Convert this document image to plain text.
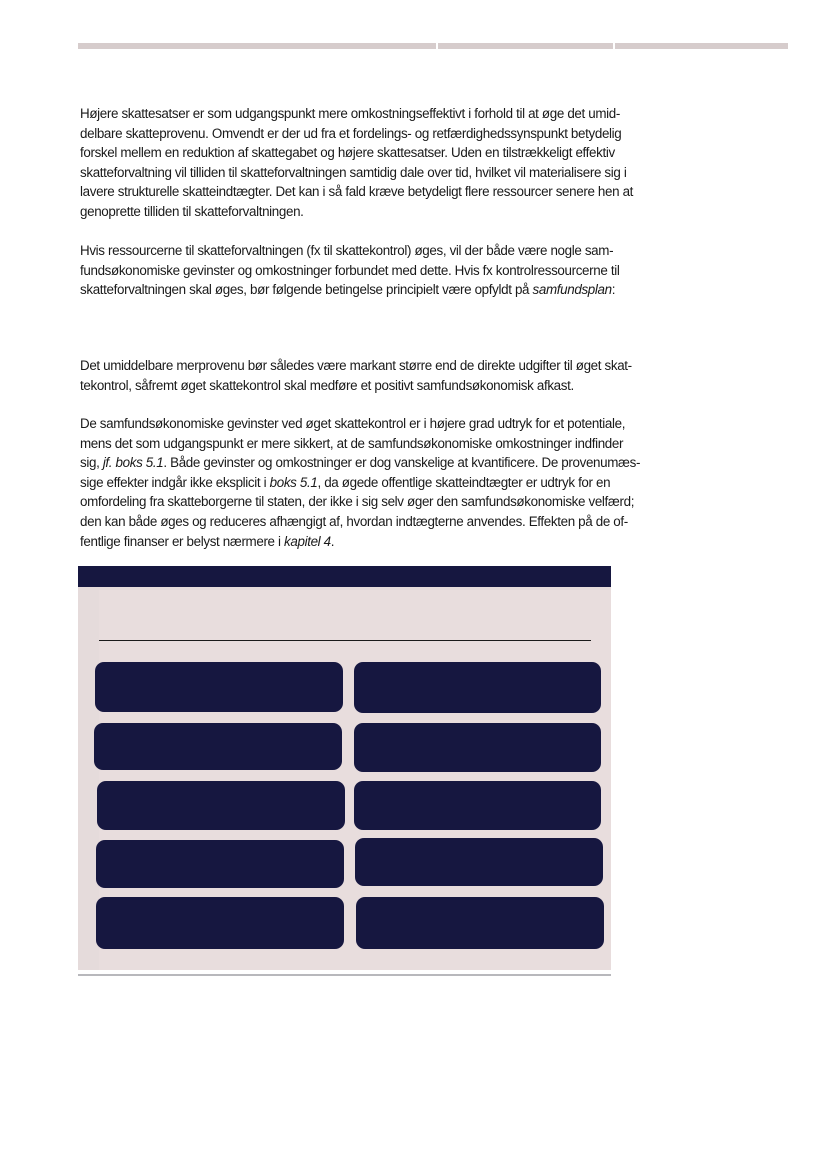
Højere skattesatser er som udgangspunkt mere omkostningseffektivt i forhold til at øge det umid-
delbare skatteprovenu. Omvendt er der ud fra et fordelings- og retfærdighedssynspunkt betydelig
forskel mellem en reduktion af skattegabet og højere skattesatser. Uden en tilstrækkeligt effektiv
skatteforvaltning vil tilliden til skatteforvaltningen samtidig dale over tid, hvilket vil materialisere sig i
lavere strukturelle skatteindtægter. Det kan i så fald kræve betydeligt flere ressourcer senere hen at
genoprette tilliden til skatteforvaltningen.

Hvis ressourcerne til skatteforvaltningen (fx til skattekontrol) øges, vil der både være nogle sam-
fundsøkonomiske gevinster og omkostninger forbundet med dette. Hvis fx kontrolressourcerne til
skatteforvaltningen skal øges, bør følgende betingelse principielt være opfyldt på samfundsplan:

Det umiddelbare merprovenu bør således være markant større end de direkte udgifter til øget skat-
tekontrol, såfremt øget skattekontrol skal medføre et positivt samfundsøkonomisk afkast.

De samfundsøkonomiske gevinster ved øget skattekontrol er i højere grad udtryk for et potentiale,
mens det som udgangspunkt er mere sikkert, at de samfundsøkonomiske omkostninger indfinder
sig, jf. boks 5.1. Både gevinster og omkostninger er dog vanskelige at kvantificere. De provenumæs-
sige effekter indgår ikke eksplicit i boks 5.1, da øgede offentlige skatteindtægter er udtryk for en
omfordeling fra skatteborgerne til staten, der ikke i sig selv øger den samfundsøkonomiske velfærd;
den kan både øges og reduceres afhængigt af, hvordan indtægterne anvendes. Effekten på de of-
fentlige finanser er belyst nærmere i kapitel 4.
